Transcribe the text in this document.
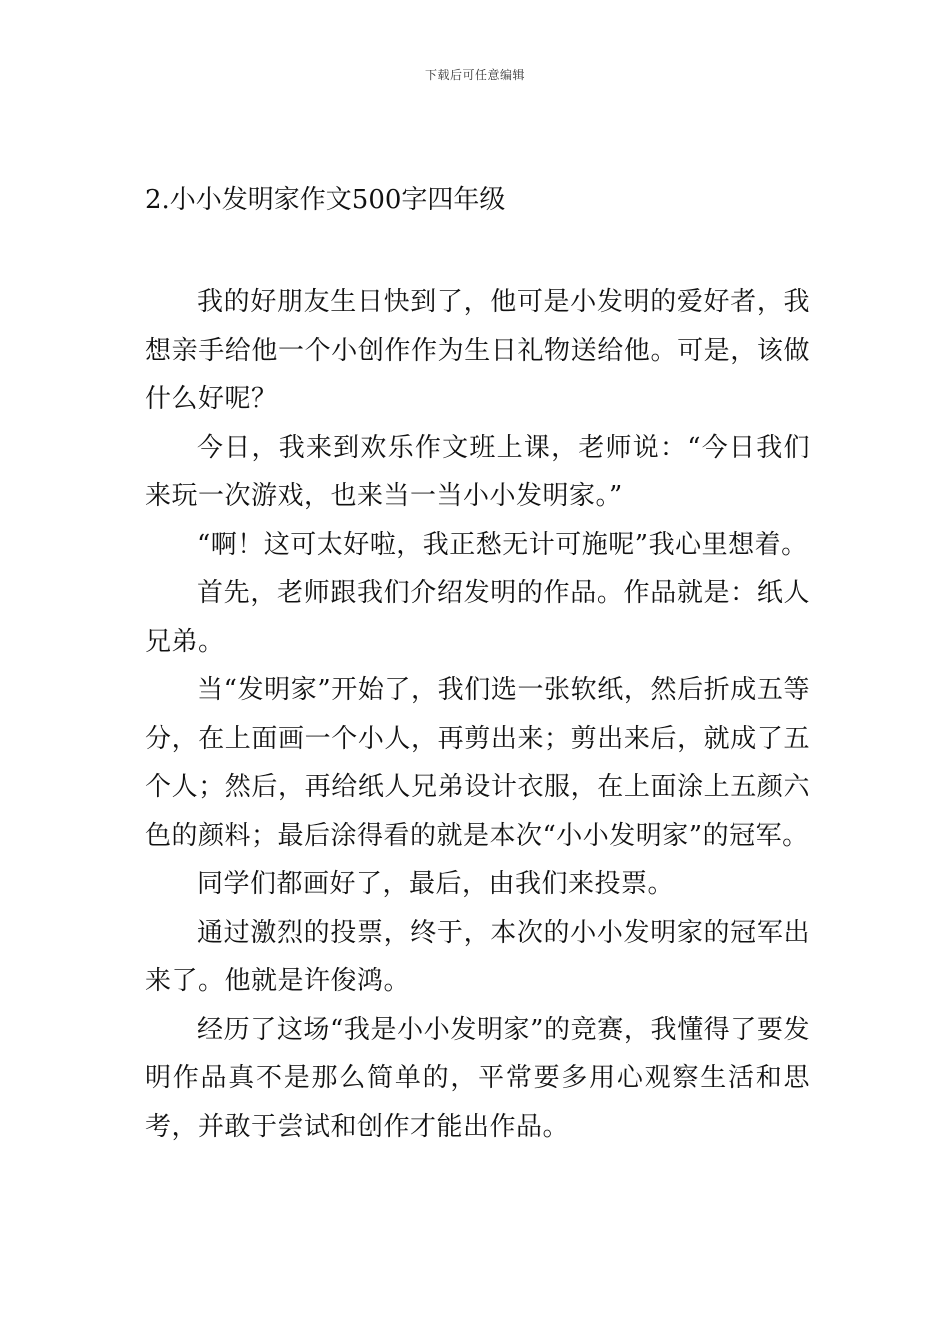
下载后可任意编辑
2.小小发明家作文500字四年级

我的好朋友生日快到了，他可是小发明的爱好者，我想亲手给他一个小创作作为生日礼物送给他。可是，该做什么好呢？

今日，我来到欢乐作文班上课，老师说：“今日我们来玩一次游戏，也来当一当小小发明家。”

“啊！这可太好啦，我正愁无计可施呢”我心里想着。

首先，老师跟我们介绍发明的作品。作品就是：纸人兄弟。

当“发明家”开始了，我们选一张软纸，然后折成五等分，在上面画一个小人，再剪出来；剪出来后，就成了五个人；然后，再给纸人兄弟设计衣服，在上面涂上五颜六色的颜料；最后涂得看的就是本次“小小发明家”的冠军。

同学们都画好了，最后，由我们来投票。

通过激烈的投票，终于，本次的小小发明家的冠军出来了。他就是许俊鸿。

经历了这场“我是小小发明家”的竞赛，我懂得了要发明作品真不是那么简单的，平常要多用心观察生活和思考，并敢于尝试和创作才能出作品。
